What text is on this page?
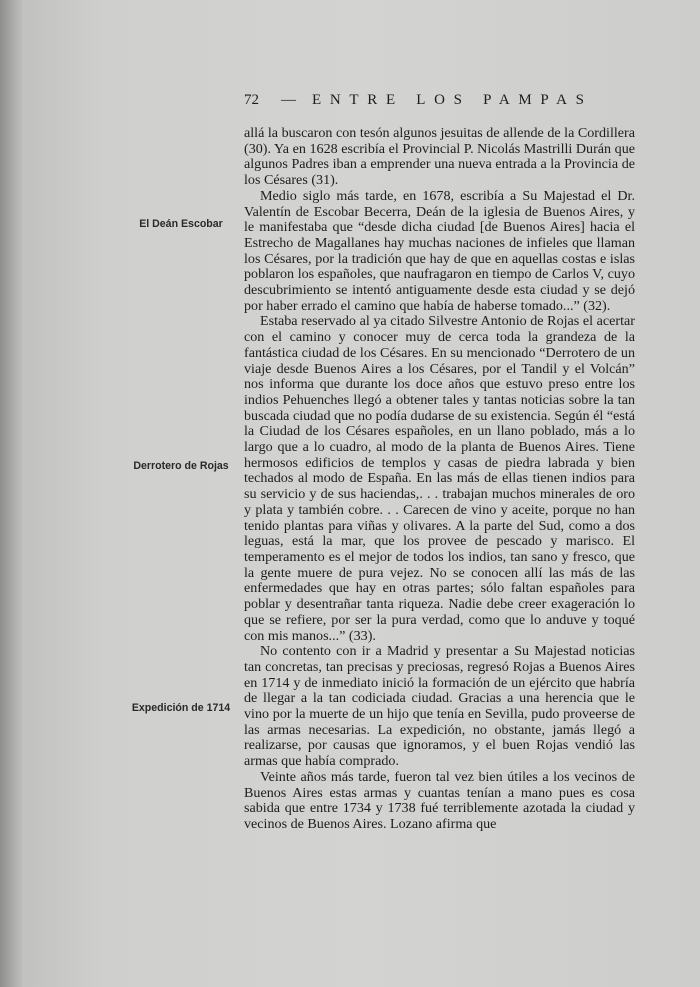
72 — ENTRE LOS PAMPAS
El Deán Escobar
Derrotero de Rojas
Expedición de 1714

allá la buscaron con tesón algunos jesuitas de allende de la Cordillera (30). Ya en 1628 escribía el Provincial P. Nicolás Mastrilli Durán que algunos Padres iban a emprender una nueva entrada a la Provincia de los Césares (31).

Medio siglo más tarde, en 1678, escribía a Su Majestad el Dr. Valentín de Escobar Becerra, Deán de la iglesia de Buenos Aires, y le manifestaba que “desde dicha ciudad [de Buenos Aires] hacia el Estrecho de Magallanes hay muchas naciones de infieles que llaman los Césares, por la tradición que hay de que en aquellas costas e islas poblaron los españoles, que naufragaron en tiempo de Carlos V, cuyo descubrimiento se intentó antiguamente desde esta ciudad y se dejó por haber errado el camino que había de haberse tomado...” (32).

Estaba reservado al ya citado Silvestre Antonio de Rojas el acertar con el camino y conocer muy de cerca toda la grandeza de la fantástica ciudad de los Césares. En su mencionado “Derrotero de un viaje desde Buenos Aires a los Césares, por el Tandil y el Volcán” nos informa que durante los doce años que estuvo preso entre los indios Pehuenches llegó a obtener tales y tantas noticias sobre la tan buscada ciudad que no podía dudarse de su existencia. Según él “está la Ciudad de los Césares españoles, en un llano poblado, más a lo largo que a lo cuadro, al modo de la planta de Buenos Aires. Tiene hermosos edificios de templos y casas de piedra labrada y bien techados al modo de España. En las más de ellas tienen indios para su servicio y de sus haciendas,. . . trabajan muchos minerales de oro y plata y también cobre. . . Carecen de vino y aceite, porque no han tenido plantas para viñas y olivares. A la parte del Sud, como a dos leguas, está la mar, que los provee de pescado y marisco. El temperamento es el mejor de todos los indios, tan sano y fresco, que la gente muere de pura vejez. No se conocen allí las más de las enfermedades que hay en otras partes; sólo faltan españoles para poblar y desentrañar tanta riqueza. Nadie debe creer exageración lo que se refiere, por ser la pura verdad, como que lo anduve y toqué con mis manos...” (33).

No contento con ir a Madrid y presentar a Su Majestad noticias tan concretas, tan precisas y preciosas, regresó Rojas a Buenos Aires en 1714 y de inmediato inició la formación de un ejército que habría de llegar a la tan codiciada ciudad. Gracias a una herencia que le vino por la muerte de un hijo que tenía en Sevilla, pudo proveerse de las armas necesarias. La expedición, no obstante, jamás llegó a realizarse, por causas que ignoramos, y el buen Rojas vendió las armas que había comprado.

Veinte años más tarde, fueron tal vez bien útiles a los vecinos de Buenos Aires estas armas y cuantas tenían a mano pues es cosa sabida que entre 1734 y 1738 fué terriblemente azotada la ciudad y vecinos de Buenos Aires. Lozano afirma que
